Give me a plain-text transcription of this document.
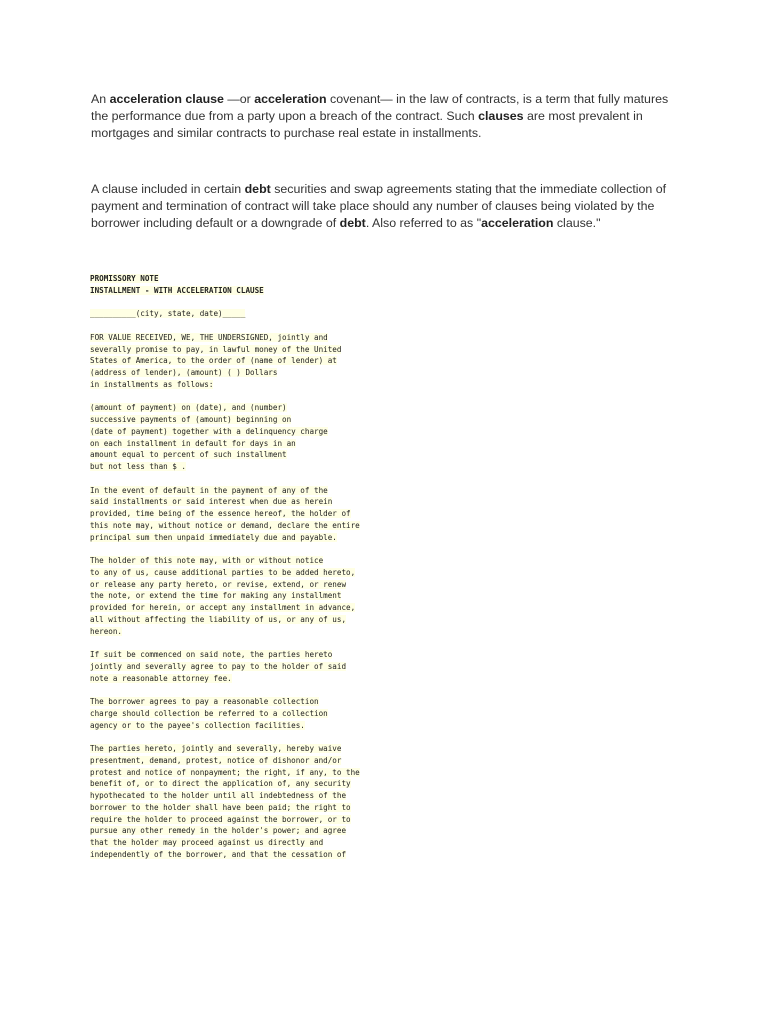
An acceleration clause —or acceleration covenant— in the law of contracts, is a term that fully matures the performance due from a party upon a breach of the contract. Such clauses are most prevalent in mortgages and similar contracts to purchase real estate in installments.

A clause included in certain debt securities and swap agreements stating that the immediate collection of payment and termination of contract will take place should any number of clauses being violated by the borrower including default or a downgrade of debt. Also referred to as "acceleration clause."

PROMISSORY NOTE
INSTALLMENT - WITH ACCELERATION CLAUSE
__________(city, state, date)_____
FOR VALUE RECEIVED, WE, THE UNDERSIGNED, jointly and
severally promise to pay, in lawful money of the United
States of America, to the order of (name of lender) at
(address of lender), (amount) ( ) Dollars
in installments as follows:
(amount of payment) on (date), and (number)
successive payments of (amount) beginning on
(date of payment) together with a delinquency charge
on each installment in default for days in an
amount equal to percent of such installment
but not less than $ .
In the event of default in the payment of any of the
said installments or said interest when due as herein
provided, time being of the essence hereof, the holder of
this note may, without notice or demand, declare the entire
principal sum then unpaid immediately due and payable.
The holder of this note may, with or without notice
to any of us, cause additional parties to be added hereto,
or release any party hereto, or revise, extend, or renew
the note, or extend the time for making any installment
provided for herein, or accept any installment in advance,
all without affecting the liability of us, or any of us,
hereon.
If suit be commenced on said note, the parties hereto
jointly and severally agree to pay to the holder of said
note a reasonable attorney fee.
The borrower agrees to pay a reasonable collection
charge should collection be referred to a collection
agency or to the payee's collection facilities.
The parties hereto, jointly and severally, hereby waive
presentment, demand, protest, notice of dishonor and/or
protest and notice of nonpayment; the right, if any, to the
benefit of, or to direct the application of, any security
hypothecated to the holder until all indebtedness of the
borrower to the holder shall have been paid; the right to
require the holder to proceed against the borrower, or to
pursue any other remedy in the holder's power; and agree
that the holder may proceed against us directly and
independently of the borrower, and that the cessation of
